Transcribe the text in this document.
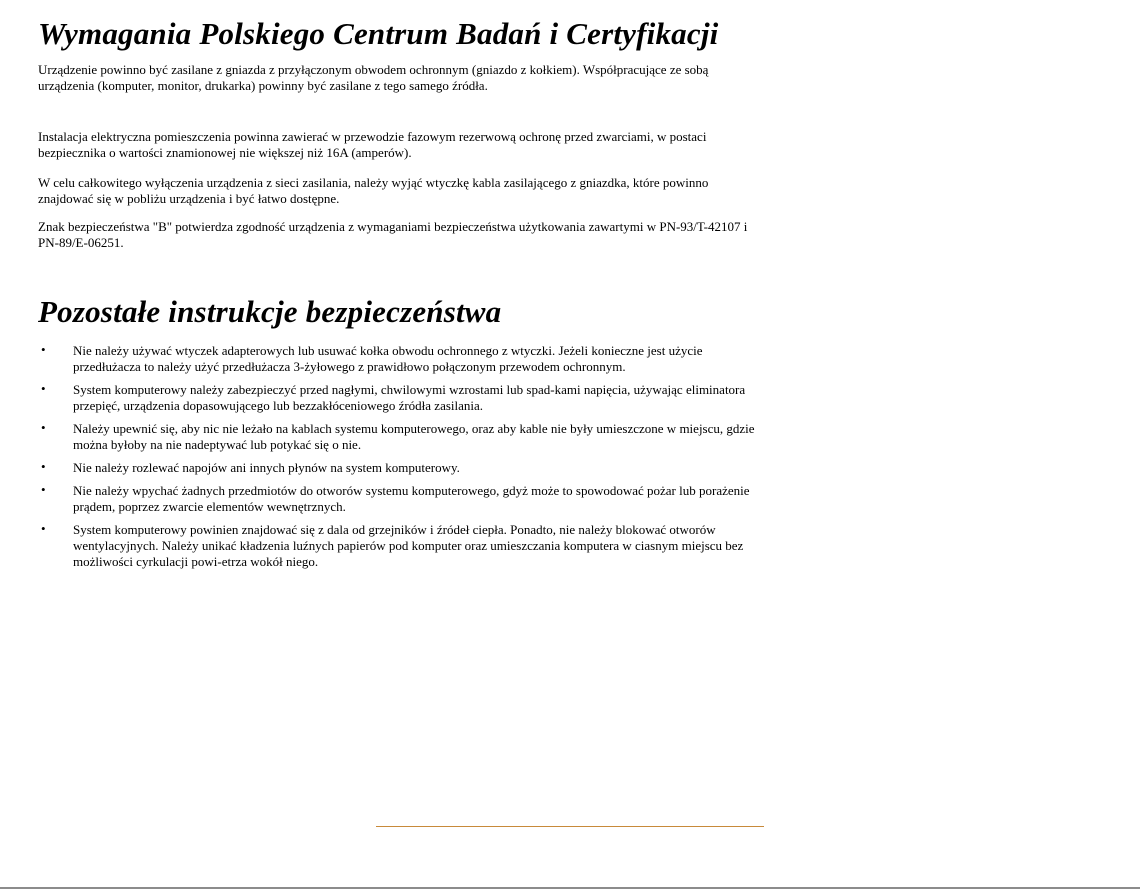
Wymagania Polskiego Centrum Badań i Certyfikacji

Urządzenie powinno być zasilane z gniazda z przyłączonym obwodem ochronnym (gniazdo z kołkiem). Współpracujące ze sobą urządzenia (komputer, monitor, drukarka) powinny być zasilane z tego samego źródła.

Instalacja elektryczna pomieszczenia powinna zawierać w przewodzie fazowym rezerwową ochronę przed zwarciami, w postaci bezpiecznika o wartości znamionowej nie większej niż 16A (amperów).

W celu całkowitego wyłączenia urządzenia z sieci zasilania, należy wyjąć wtyczkę kabla zasilającego z gniazdka, które powinno znajdować się w pobliżu urządzenia i być łatwo dostępne.

Znak bezpieczeństwa "B" potwierdza zgodność urządzenia z wymaganiami bezpieczeństwa użytkowania zawartymi w PN-93/T-42107 i PN-89/E-06251.

Pozostałe instrukcje bezpieczeństwa
• Nie należy używać wtyczek adapterowych lub usuwać kołka obwodu ochronnego z wtyczki. Jeżeli konieczne jest użycie przedłużacza to należy użyć przedłużacza 3-żyłowego z prawidłowo połączonym przewodem ochronnym.
• System komputerowy należy zabezpieczyć przed nagłymi, chwilowymi wzrostami lub spad-kami napięcia, używając eliminatora przepięć, urządzenia dopasowującego lub bezzakłóceniowego źródła zasilania.
• Należy upewnić się, aby nic nie leżało na kablach systemu komputerowego, oraz aby kable nie były umieszczone w miejscu, gdzie można byłoby na nie nadeptywać lub potykać się o nie.
• Nie należy rozlewać napojów ani innych płynów na system komputerowy.
• Nie należy wpychać żadnych przedmiotów do otworów systemu komputerowego, gdyż może to spowodować pożar lub porażenie prądem, poprzez zwarcie elementów wewnętrznych.
• System komputerowy powinien znajdować się z dala od grzejników i źródeł ciepła. Ponadto, nie należy blokować otworów wentylacyjnych. Należy unikać kładzenia luźnych papierów pod komputer oraz umieszczania komputera w ciasnym miejscu bez możliwości cyrkulacji powi-etrza wokół niego.
